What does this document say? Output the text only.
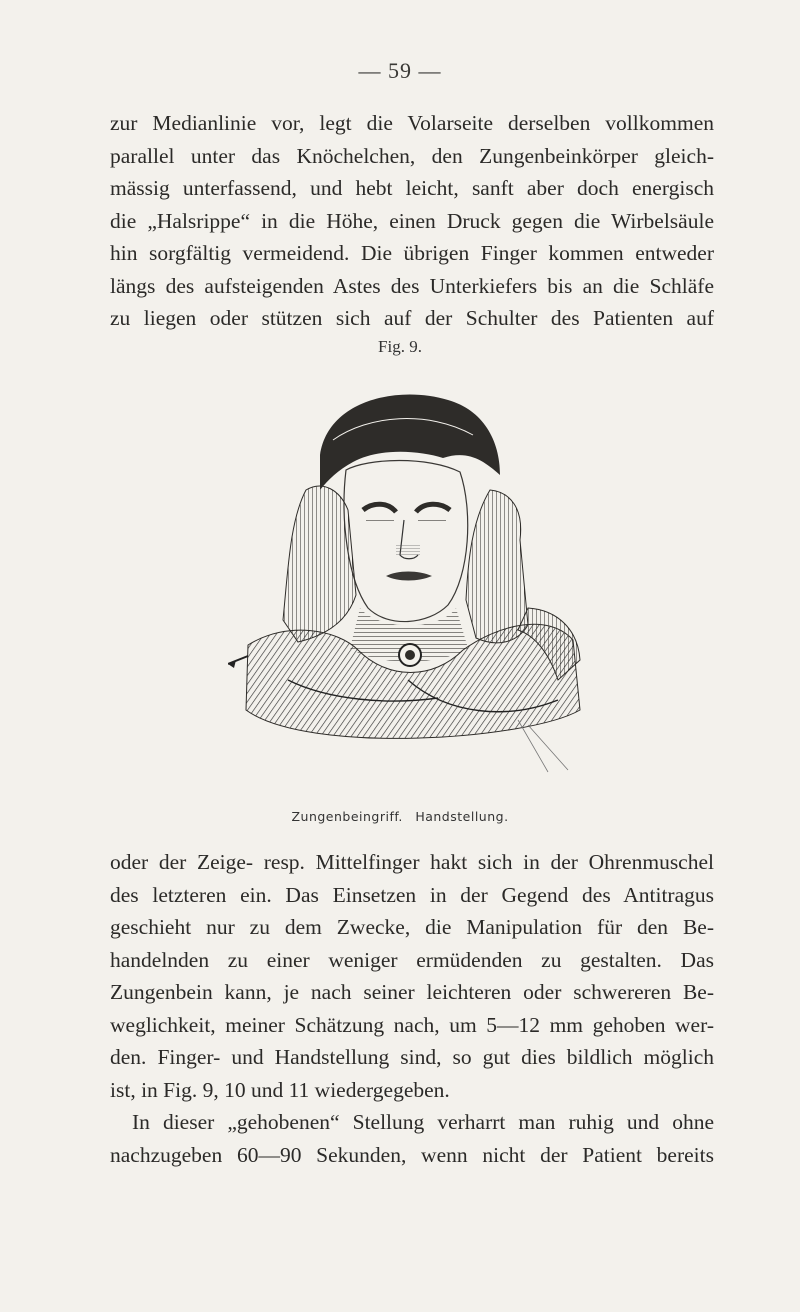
— 59 —
zur Medianlinie vor, legt die Volarseite derselben vollkommen
parallel unter das Knöchelchen, den Zungenbeinkörper gleich-
mässig unterfassend, und hebt leicht, sanft aber doch energisch
die „Halsrippe“ in die Höhe, einen Druck gegen die Wirbelsäule
hin sorgfältig vermeidend. Die übrigen Finger kommen entweder
längs des aufsteigenden Astes des Unterkiefers bis an die Schläfe
zu liegen oder stützen sich auf der Schulter des Patienten auf
Fig. 9.
Zungenbeingriff. Handstellung.
oder der Zeige- resp. Mittelfinger hakt sich in der Ohrenmuschel
des letzteren ein. Das Einsetzen in der Gegend des Antitragus
geschieht nur zu dem Zwecke, die Manipulation für den Be-
handelnden zu einer weniger ermüdenden zu gestalten. Das
Zungenbein kann, je nach seiner leichteren oder schwereren Be-
weglichkeit, meiner Schätzung nach, um 5—12 mm gehoben wer-
den. Finger- und Handstellung sind, so gut dies bildlich möglich
ist, in Fig. 9, 10 und 11 wiedergegeben.
In dieser „gehobenen“ Stellung verharrt man ruhig und ohne
nachzugeben 60—90 Sekunden, wenn nicht der Patient bereits
